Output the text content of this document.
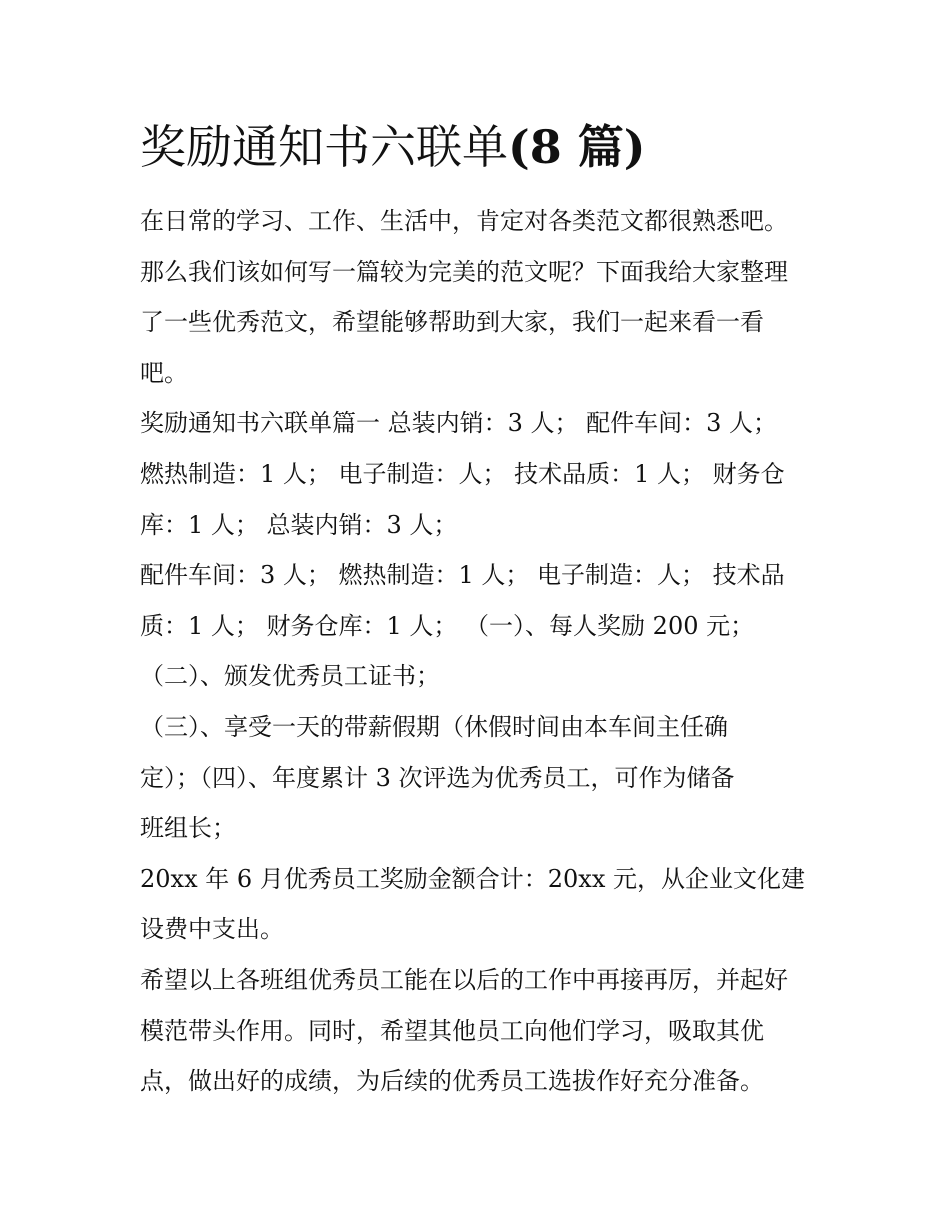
奖励通知书六联单(8 篇)
在日常的学习、工作、生活中，肯定对各类范文都很熟悉吧。
那么我们该如何写一篇较为完美的范文呢？下面我给大家整理
了一些优秀范文，希望能够帮助到大家，我们一起来看一看
吧。
奖励通知书六联单篇一 总装内销：3 人； 配件车间：3 人；
燃热制造：1 人； 电子制造：人； 技术品质：1 人； 财务仓
库：1 人； 总装内销：3 人；
配件车间：3 人； 燃热制造：1 人； 电子制造：人； 技术品
质：1 人； 财务仓库：1 人； （一）、每人奖励 200 元；
（二）、颁发优秀员工证书；
（三）、享受一天的带薪假期（休假时间由本车间主任确
定）；（四）、年度累计 3 次评选为优秀员工，可作为储备
班组长；
20xx 年 6 月优秀员工奖励金额合计：20xx 元，从企业文化建
设费中支出。
希望以上各班组优秀员工能在以后的工作中再接再厉，并起好
模范带头作用。同时，希望其他员工向他们学习，吸取其优
点，做出好的成绩，为后续的优秀员工选拔作好充分准备。
